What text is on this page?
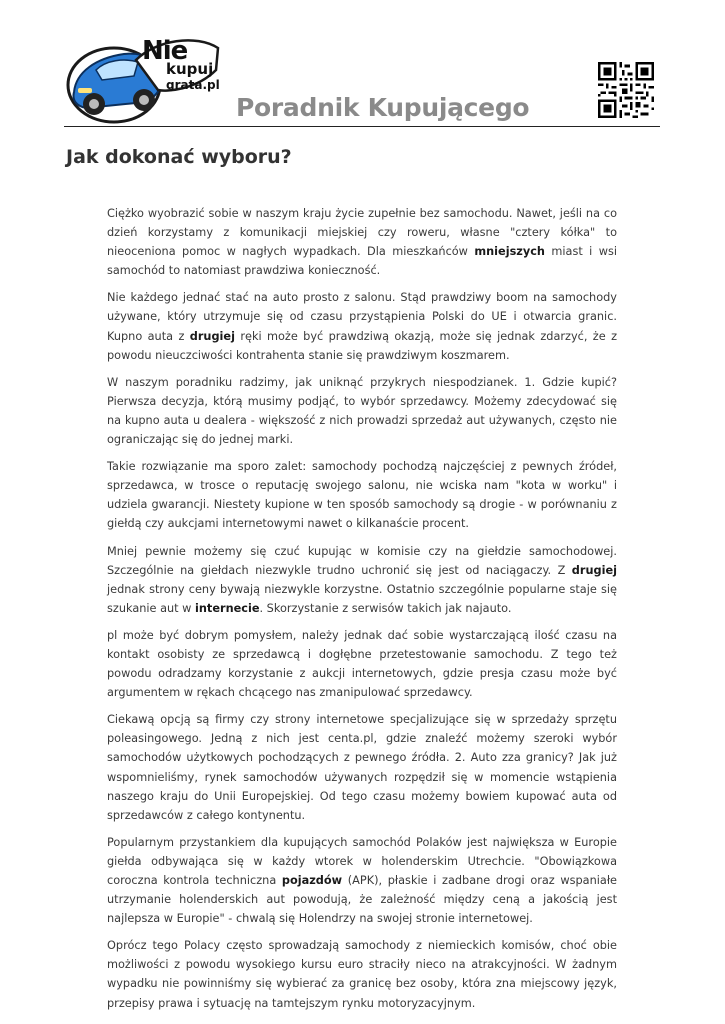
Nie
kupuj
grata.pl
Poradnik Kupującego
Jak dokonać wyboru?

Ciężko wyobrazić sobie w naszym kraju życie zupełnie bez samochodu. Nawet, jeśli na co dzień korzystamy z komunikacji miejskiej czy roweru, własne "cztery kółka" to nieoceniona pomoc w nagłych wypadkach. Dla mieszkańców mniejszych miast i wsi samochód to natomiast prawdziwa konieczność.

Nie każdego jednać stać na auto prosto z salonu. Stąd prawdziwy boom na samochody używane, który utrzymuje się od czasu przystąpienia Polski do UE i otwarcia granic. Kupno auta z drugiej ręki może być prawdziwą okazją, może się jednak zdarzyć, że z powodu nieuczciwości kontrahenta stanie się prawdziwym koszmarem.

W naszym poradniku radzimy, jak uniknąć przykrych niespodzianek. 1. Gdzie kupić? Pierwsza decyzja, którą musimy podjąć, to wybór sprzedawcy. Możemy zdecydować się na kupno auta u dealera - większość z nich prowadzi sprzedaż aut używanych, często nie ograniczając się do jednej marki.

Takie rozwiązanie ma sporo zalet: samochody pochodzą najczęściej z pewnych źródeł, sprzedawca, w trosce o reputację swojego salonu, nie wciska nam "kota w worku" i udziela gwarancji. Niestety kupione w ten sposób samochody są drogie - w porównaniu z giełdą czy aukcjami internetowymi nawet o kilkanaście procent.

Mniej pewnie możemy się czuć kupując w komisie czy na giełdzie samochodowej. Szczególnie na giełdach niezwykle trudno uchronić się jest od naciągaczy. Z drugiej jednak strony ceny bywają niezwykle korzystne. Ostatnio szczególnie popularne staje się szukanie aut w internecie. Skorzystanie z serwisów takich jak najauto.

pl może być dobrym pomysłem, należy jednak dać sobie wystarczającą ilość czasu na kontakt osobisty ze sprzedawcą i dogłębne przetestowanie samochodu. Z tego też powodu odradzamy korzystanie z aukcji internetowych, gdzie presja czasu może być argumentem w rękach chcącego nas zmanipulować sprzedawcy.

Ciekawą opcją są firmy czy strony internetowe specjalizujące się w sprzedaży sprzętu poleasingowego. Jedną z nich jest centa.pl, gdzie znaleźć możemy szeroki wybór samochodów użytkowych pochodzących z pewnego źródła. 2. Auto zza granicy? Jak już wspomnieliśmy, rynek samochodów używanych rozpędził się w momencie wstąpienia naszego kraju do Unii Europejskiej. Od tego czasu możemy bowiem kupować auta od sprzedawców z całego kontynentu.

Popularnym przystankiem dla kupujących samochód Polaków jest największa w Europie giełda odbywająca się w każdy wtorek w holenderskim Utrechcie. "Obowiązkowa coroczna kontrola techniczna pojazdów (APK), płaskie i zadbane drogi oraz wspaniałe utrzymanie holenderskich aut powodują, że zależność między ceną a jakością jest najlepsza w Europie" - chwalą się Holendrzy na swojej stronie internetowej.

Oprócz tego Polacy często sprowadzają samochody z niemieckich komisów, choć obie możliwości z powodu wysokiego kursu euro straciły nieco na atrakcyjności. W żadnym wypadku nie powinniśmy się wybierać za granicę bez osoby, która zna miejscowy język, przepisy prawa i sytuację na tamtejszym rynku motoryzacyjnym.
